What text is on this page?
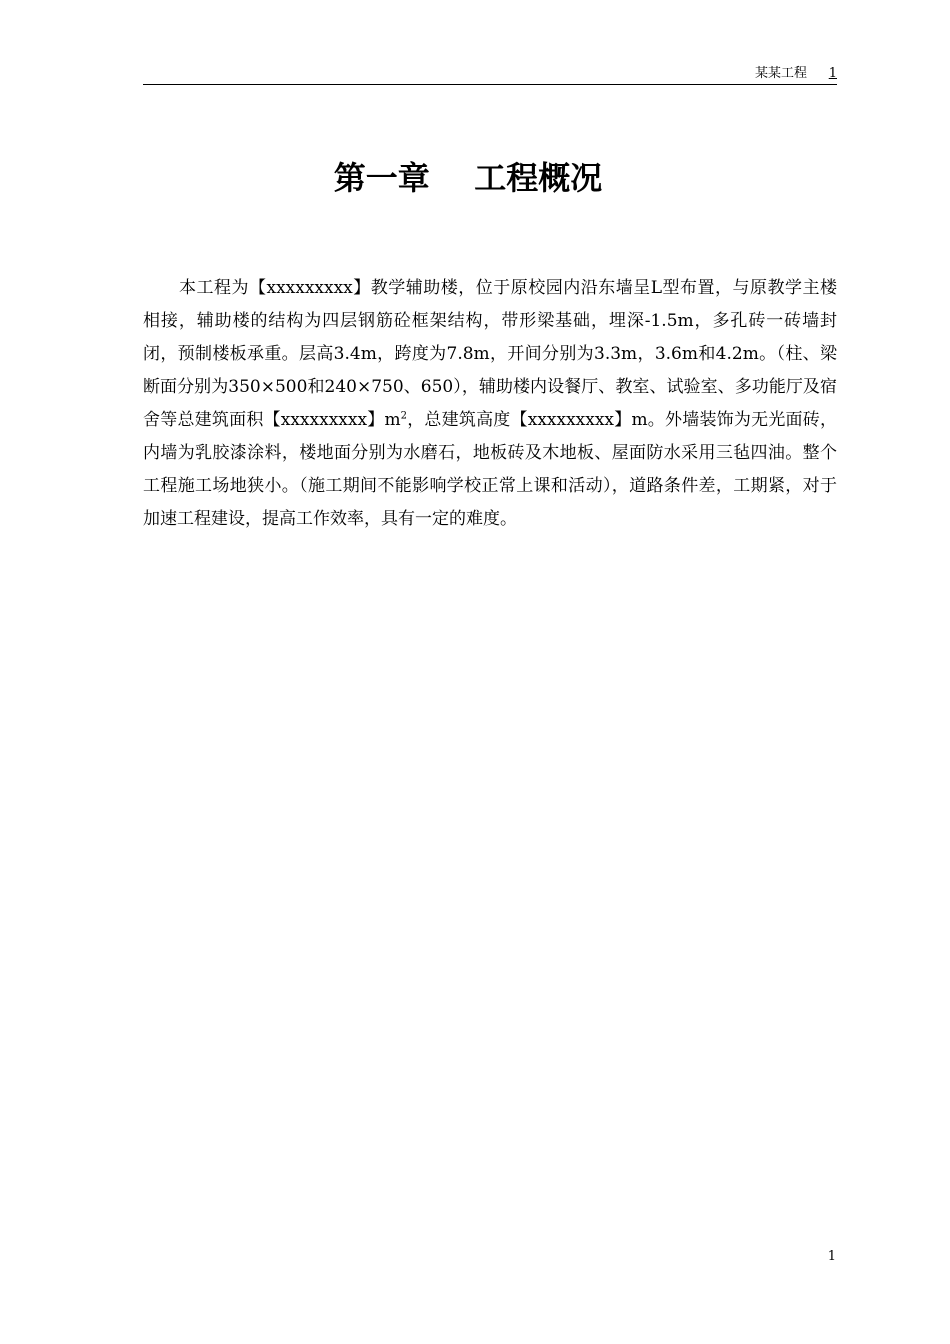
某某工程 1
第一章    工程概况

本工程为【xxxxxxxxx】教学辅助楼，位于原校园内沿东墙呈L型布置，与原教学主楼相接，辅助楼的结构为四层钢筋砼框架结构，带形梁基础，埋深-1.5m，多孔砖一砖墙封闭，预制楼板承重。层高3.4m，跨度为7.8m，开间分别为3.3m，3.6m和4.2m。（柱、梁断面分别为350×500和240×750、650），辅助楼内设餐厅、教室、试验室、多功能厅及宿舍等总建筑面积【xxxxxxxxx】$m^2$，总建筑高度【xxxxxxxxx】m。外墙装饰为无光面砖，内墙为乳胶漆涂料，楼地面分别为水磨石，地板砖及木地板、屋面防水采用三毡四油。整个工程施工场地狭小。（施工期间不能影响学校正常上课和活动），道路条件差，工期紧，对于加速工程建设，提高工作效率，具有一定的难度。

1
